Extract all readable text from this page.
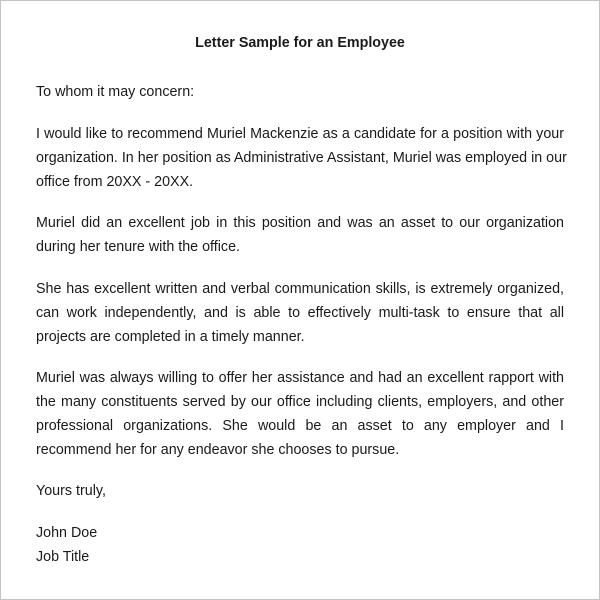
Letter Sample for an Employee
To whom it may concern:
I would like to recommend Muriel Mackenzie as a candidate for a position with your
organization. In her position as Administrative Assistant, Muriel was employed in our
office from 20XX - 20XX.
Muriel did an excellent job in this position and was an asset to our organization
during her tenure with the office.
She has excellent written and verbal communication skills, is extremely organized,
can work independently, and is able to effectively multi-task to ensure that all
projects are completed in a timely manner.
Muriel was always willing to offer her assistance and had an excellent rapport with
the many constituents served by our office including clients, employers, and other
professional organizations. She would be an asset to any employer and I
recommend her for any endeavor she chooses to pursue.
Yours truly,
John Doe
Job Title
